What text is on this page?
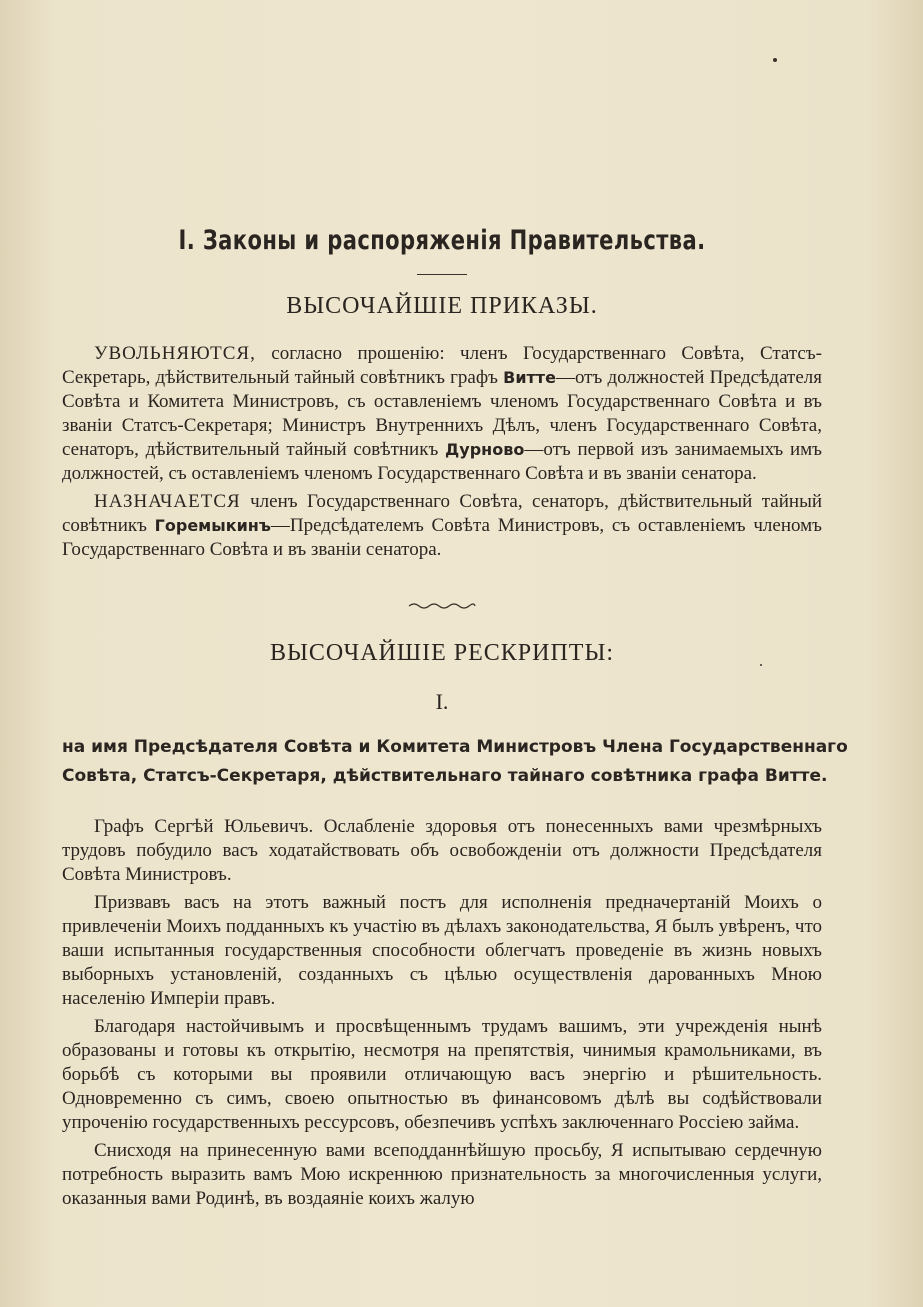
I. Законы и распоряженія Правительства.
ВЫСОЧАЙШІЕ ПРИКАЗЫ.

УВОЛЬНЯЮТСЯ, согласно прошенію: членъ Государственнаго Совѣта, Статсъ-Секретарь, дѣйствительный тайный совѣтникъ графъ Витте—отъ должностей Предсѣдателя Совѣта и Комитета Министровъ, съ оставленіемъ членомъ Государственнаго Совѣта и въ званіи Статсъ-Секретаря; Министръ Внутреннихъ Дѣлъ, членъ Государственнаго Совѣта, сенаторъ, дѣйствительный тайный совѣтникъ Дурново—отъ первой изъ занимаемыхъ имъ должностей, съ оставленіемъ членомъ Государственнаго Совѣта и въ званіи сенатора.

НАЗНАЧАЕТСЯ членъ Государственнаго Совѣта, сенаторъ, дѣйствительный тайный совѣтникъ Горемыкинъ—Предсѣдателемъ Совѣта Министровъ, съ оставленіемъ членомъ Государственнаго Совѣта и въ званіи сенатора.

ВЫСОЧАЙШІЕ РЕСКРИПТЫ:
I.
на имя Предсѣдателя Совѣта и Комитета Министровъ Члена Государственнаго
Совѣта, Статсъ-Секретаря, дѣйствительнаго тайнаго совѣтника графа Витте.

Графъ Сергѣй Юльевичъ. Ослабленіе здоровья отъ понесенныхъ вами чрезмѣрныхъ трудовъ побудило васъ ходатайствовать объ освобожденіи отъ должности Предсѣдателя Совѣта Министровъ.

Призвавъ васъ на этотъ важный постъ для исполненія предначертаній Моихъ о привлеченіи Моихъ подданныхъ къ участію въ дѣлахъ законодательства, Я былъ увѣренъ, что ваши испытанныя государственныя способности облегчатъ проведеніе въ жизнь новыхъ выборныхъ установленій, созданныхъ съ цѣлью осуществленія дарованныхъ Мною населенію Имперіи правъ.

Благодаря настойчивымъ и просвѣщеннымъ трудамъ вашимъ, эти учрежденія нынѣ образованы и готовы къ открытію, несмотря на препятствія, чинимыя крамольниками, въ борьбѣ съ которыми вы проявили отличающую васъ энергію и рѣшительность. Одновременно съ симъ, своею опытностью въ финансовомъ дѣлѣ вы содѣйствовали упроченію государственныхъ рессурсовъ, обезпечивъ успѣхъ заключеннаго Россіею займа.

Снисходя на принесенную вами всеподданнѣйшую просьбу, Я испытываю сердечную потребность выразить вамъ Мою искреннюю признательность за многочисленныя услуги, оказанныя вами Родинѣ, въ воздаяніе коихъ жалую
